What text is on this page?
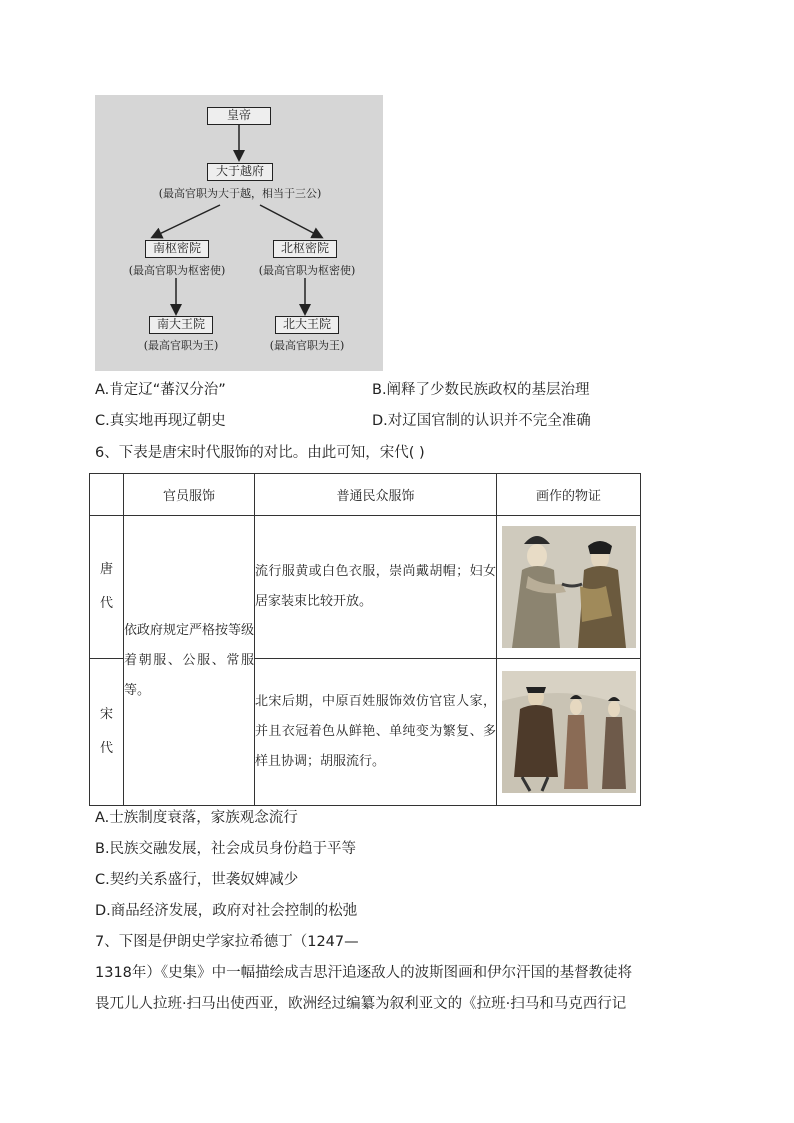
皇帝
大于越府
(最高官职为大于越，相当于三公)
南枢密院
(最高官职为枢密使)
北枢密院
(最高官职为枢密使)
南大王院
(最高官职为王)
北大王院
(最高官职为王)
A.肯定辽“蕃汉分治”	B.阐释了少数民族政权的基层治理
C.真实地再现辽朝史	D.对辽国官制的认识并不完全准确
6、下表是唐宋时代服饰的对比。由此可知，宋代( )
	官员服饰	普通民众服饰	画作的物证

唐
代	依政府规定严格按等级着朝服、公服、常服等。	流行服黄或白色衣服，崇尚戴胡帽；妇女居家装束比较开放。	

宋
代		北宋后期，中原百姓服饰效仿官宦人家，并且衣冠着色从鲜艳、单纯变为繁复、多样且协调；胡服流行。	
A.士族制度衰落，家族观念流行
B.民族交融发展，社会成员身份趋于平等
C.契约关系盛行，世袭奴婢减少
D.商品经济发展，政府对社会控制的松弛
7、下图是伊朗史学家拉希德丁（1247—
1318年）《史集》中一幅描绘成吉思汗追逐敌人的波斯图画和伊尔汗国的基督教徒将
畏兀儿人拉班·扫马出使西亚，欧洲经过编纂为叙利亚文的《拉班·扫马和马克西行记
